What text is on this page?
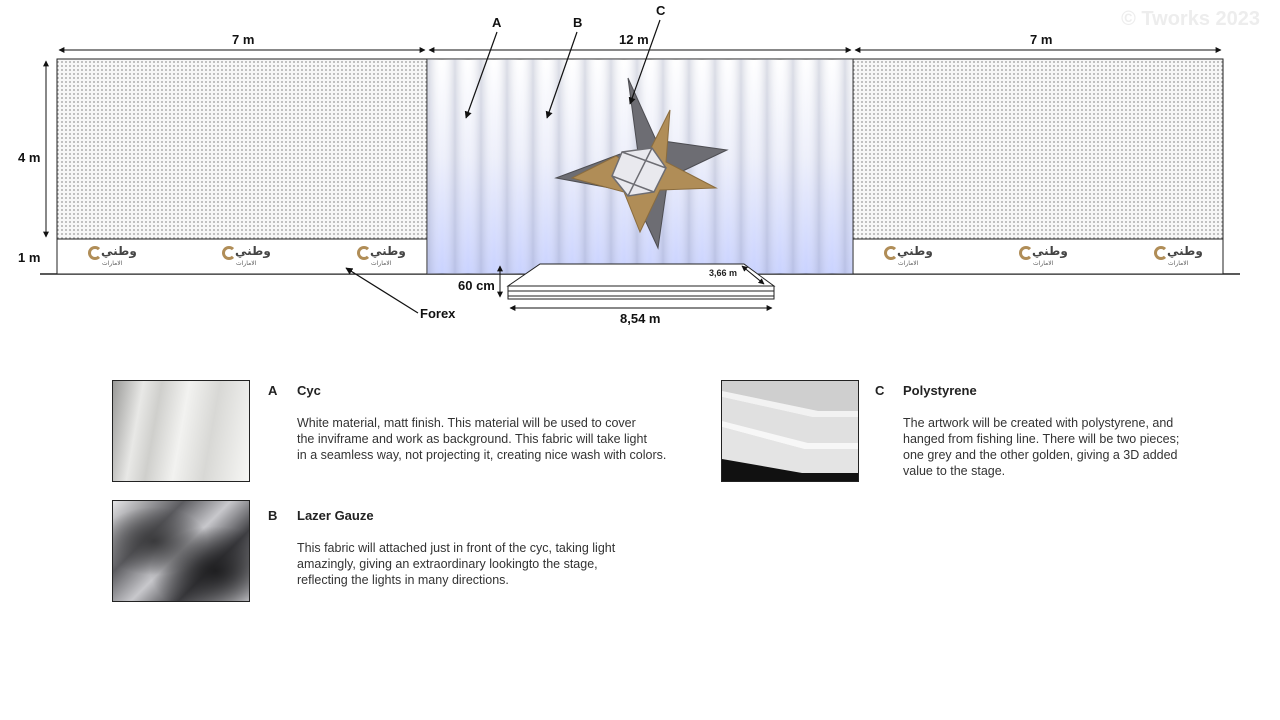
© Tworks 2023
7 m	12 m	7 m
4 m
1 m
A	B
C
Forex
60 cm
3,66 m
8,54 m
وطني
الامارات
وطني
الامارات
وطني
الامارات
وطني
الامارات
وطني
الامارات
وطني
الامارات
A Cyc
White material, matt finish. This material will be used to cover
the inviframe and work as background. This fabric will take light
in a seamless way, not projecting it, creating nice wash with colors.
B Lazer Gauze
This fabric will attached just in front of the cyc, taking light
amazingly, giving an extraordinary lookingto the stage,
reflecting the lights in many directions.
C Polystyrene
The artwork will be created with polystyrene, and
hanged from fishing line. There will be two pieces;
one grey and the other golden, giving a 3D added
value to the stage.
